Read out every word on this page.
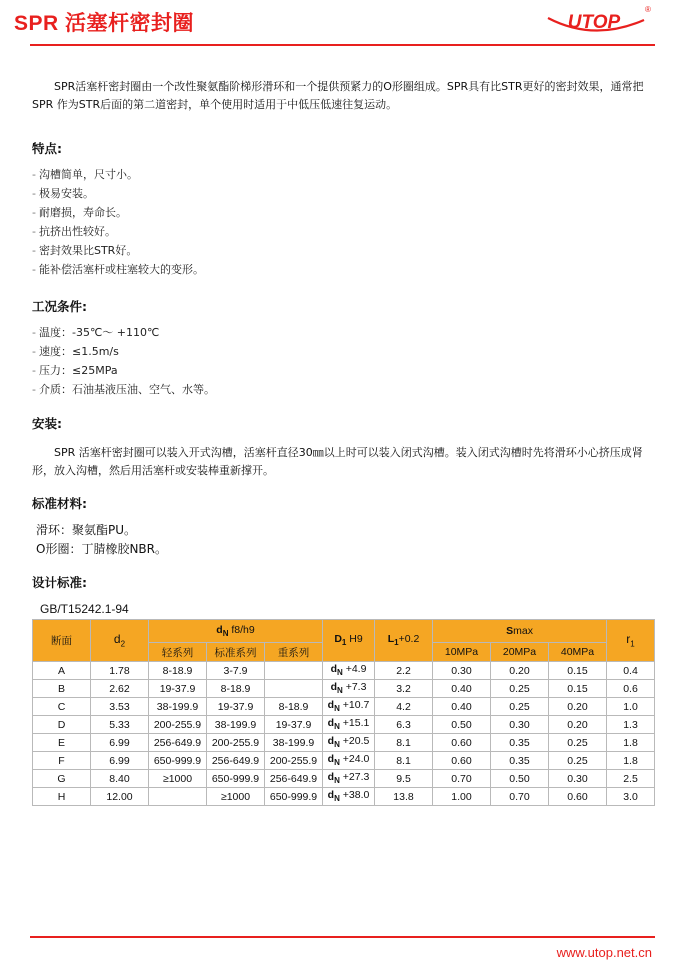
SPR 活塞杆密封圈	UTOP
®
SPR活塞杆密封圈由一个改性聚氨酯阶梯形滑环和一个提供预紧力的O形圈组成。SPR具有比STR更好的密封效果，通常把SPR 作为STR后面的第二道密封，单个使用时适用于中低压低速往复运动。
特点:
- 沟槽简单，尺寸小。
- 极易安装。
- 耐磨损，寿命长。
- 抗挤出性较好。
- 密封效果比STR好。
- 能补偿活塞杆或柱塞较大的变形。
工况条件:
- 温度：-35℃～ +110℃
- 速度：≤1.5m/s
- 压力：≤25MPa
- 介质：石油基液压油、空气、水等。
安装:
SPR 活塞杆密封圈可以装入开式沟槽，活塞杆直径30㎜以上时可以装入闭式沟槽。装入闭式沟槽时先将滑环小心挤压成肾形，放入沟槽，然后用活塞杆或安装棒重新撑开。
标准材料:
滑环：聚氨酯PU。
O形圈：丁腈橡胶NBR。
设计标准:
GB/T15242.1-94
断面	$d_2$	$d_N$ f8/h9			$D_1$ H9	$L_1+0.2$	Smax			$r_1$
		轻系列	标准系列	重系列			10MPa	20MPa	40MPa	
A	1.78	8-18.9	3-7.9		$d_N +4.9$	2.2	0.30	0.20	0.15	0.4
B	2.62	19-37.9	8-18.9		$d_N +7.3$	3.2	0.40	0.25	0.15	0.6
C	3.53	38-199.9	19-37.9	8-18.9	$d_N +10.7$	4.2	0.40	0.25	0.20	1.0
D	5.33	200-255.9	38-199.9	19-37.9	$d_N +15.1$	6.3	0.50	0.30	0.20	1.3
E	6.99	256-649.9	200-255.9	38-199.9	$d_N +20.5$	8.1	0.60	0.35	0.25	1.8
F	6.99	650-999.9	256-649.9	200-255.9	$d_N +24.0$	8.1	0.60	0.35	0.25	1.8
G	8.40	≥1000	650-999.9	256-649.9	$d_N +27.3$	9.5	0.70	0.50	0.30	2.5
H	12.00		≥1000	650-999.9	$d_N +38.0$	13.8	1.00	0.70	0.60	3.0
www.utop.net.cn
